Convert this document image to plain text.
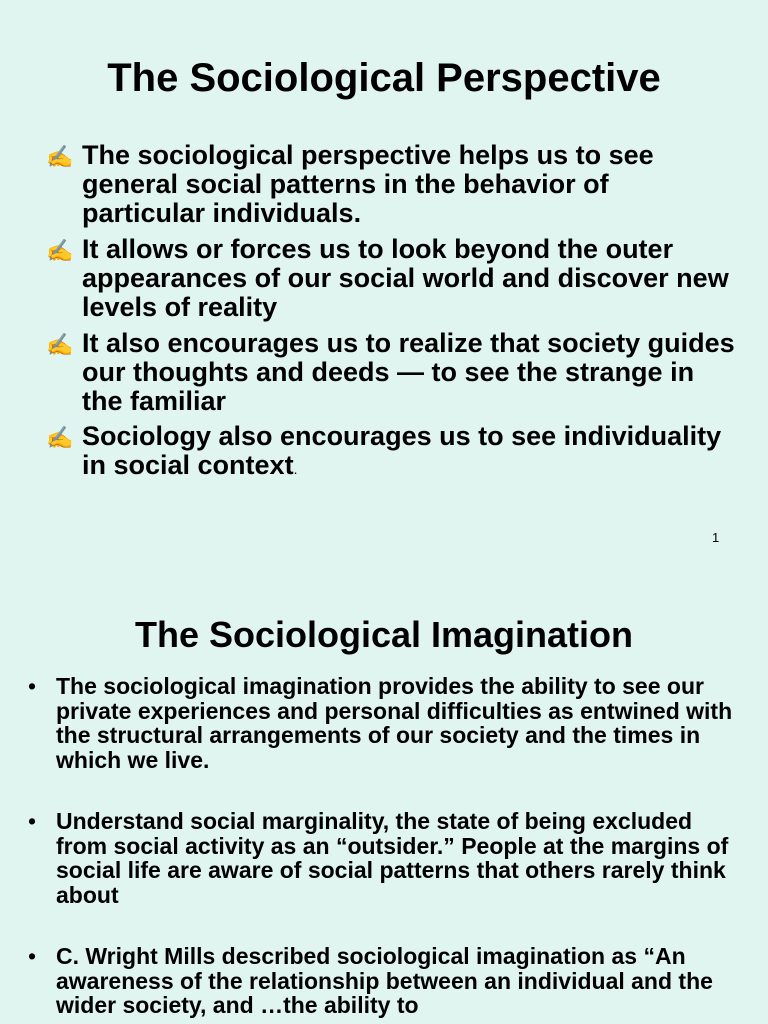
The Sociological Perspective
✍ The sociological perspective helps us to see general social patterns in the behavior of particular individuals.
✍ It allows or forces us to look beyond the outer appearances of our social world and discover new levels of reality
✍ It also encourages us to realize that society guides our thoughts and deeds — to see the strange in the familiar
✍ Sociology also encourages us to see individuality in social context.
1
The Sociological Imagination
• The sociological imagination provides the ability to see our private experiences and personal difficulties as entwined with the structural arrangements of our society and the times in which we live.
• Understand social marginality, the state of being excluded from social activity as an “outsider.” People at the margins of social life are aware of social patterns that others rarely think about
• C. Wright Mills described sociological imagination as “An awareness of the relationship between an individual and the wider society, and …the ability to
